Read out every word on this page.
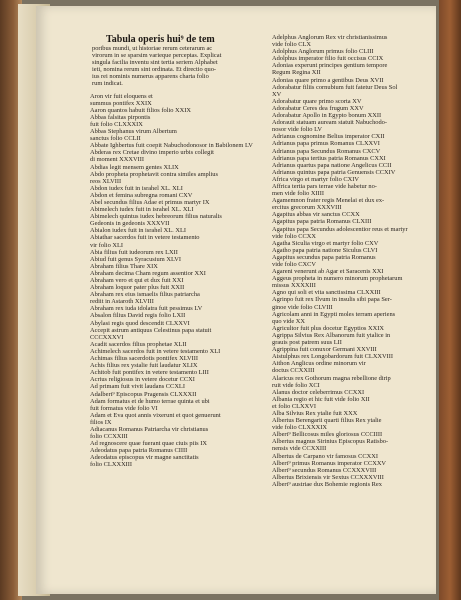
Tabula operis hui⁹ de tem
poribus mundi, ut historiae rerum ceterarum ac
virorum in se sparsim varieque perceptas. Explicat
singula facilia inventu sint tertia seriem Alphabet
ieti, nomina rerum sint ordinata. Et directio quo-
ius rei nominis numerus apparens charta folio
rum indicat.
Aron vir fuit eloquens et
summus pontifex XXIX
Aaron quantos habuit filios folio XXIX
Abbas falsitas pirpontis
fuit folio CLXXXIX
Abbas Stephanus virum Albertum
sanctus folio CCLII
Abbate Ighbertus fuit coepit Nabuchodonosor in Babilonem LV
Abderas rex Cretae divino imperio urbis collegit
di moment XXXVIII
Abdias legit mensem gentes XLIX
Abdo propheta prophetavit contra similes amplius
reos XLVIII
Abdon iudex fuit in israhel XL. XLI
Abdon et femina subregna romani CXV
Abel secundus filius Adae et primus martyr IX
Abimelech iudex fuit in israhel XL. XLI
Abimelech quintus iudex hebreorum filius naturalis
Gedeonis in gedeonis XXXVII
Abialon iudex fuit in israhel XL. XLI
Abiathar sacerdos fuit in vetere testamento
vir folio XLI
Abia filius fuit iudeorum rex LXII
Abiud fuit genus Syracusium XLVI
Abraham filius Thare XIX
Abraham decima Cham regum assentior XXI
Abraham vero et qui et dux fuit XXI
Abraham loquor pater plus fuit XXII
Abraham rex eius ismaelis filius patriarcha
rediit in Astaroth XLVIII
Abraham rex iuda idolatra fuit pessimus LV
Absalon filius David regis folio LXII
Abylasi regis quod descendit CLXXVI
Accepit astrum antiquus Celestinus papa statuit
CCCXXXVI
Acadit sacerdos filius prophetae XLII
Achimelech sacerdos fuit in vetere testamento XLI
Achimas filius sacerdotis pontifex XLVIII
Achis filius rex ystalie fuit laudatur XLIX
Achitob fuit pontifex in vetere testamento LIII
Acrius religiosus in vetere docetur CCXI
Ad primam fuit vivit laudans CCXLI
Adalbert⁹ Episcopus Pragensis CLXXXII
Adam formatus et de humo terrae quinta et ubi
fuit formatus vide folio VI
Adam et Eva quot annis vixerunt et quot genuerunt
filios IX
Adiacanus Romanus Patriarcha vir christianus
folio CCXXIII
Ad regnoscere quae fuerant quae ciuis piis IX
Adeodatus papa patria Romanus CIIII
Adeodatus episcopus vir magne sanctitatis
folio CLXXXIII
Adelphus Anglorum Rex vir christianissimus
vide folio CLX
Adolphus Anglorum primus folio CLIII
Adolphus imperator filio fuit occisus CCIX
Adonias experunt principes gentium tempore
Regum Regina XII
Adonias quare primo a gentibus Deus XVII
Adorabatur filiis cornubium fuit fatetur Deus Sol
XV
Adorabatur quare primo scorta XV
Adorabatur Ceres dea frugum XXV
Adorabatur Apollo in Egypto bonum XXII
Adorauit statuam auream statuit Nabuchodo-
nosor vide folio LV
Adrianus cognomine Belius imperator CXII
Adrianus papa primus Romanus CLXXVI
Adrianus papa Secundus Romanus CXCV
Adrianus papa tertius patria Romanus CXXI
Adrianus quartus papa natione Angelicus CCII
Adrianus quintus papa patria Genuensis CCXIV
Africa virgo et martyr folio CXIV
Affrica tertia pars terrae vide habetur no-
men vide folio XIIII
Agamemnon frater regis Menelai et dux ex-
ercitus grecorum XXXVIII
Agapitus abbas vir sanctus CCXX
Agapitus papa patria Romanus CLXIII
Agapitus papa Secundus adolescentior reus et martyr
vide folio CCXX
Agatha Siculia virgo et martyr folio CXV
Agatho papa patria natione Siculus CLVI
Agapitus secundus papa patria Romanus
vide folio CXCV
Agareni venerunt ab Agar et Saracenis XXI
Aggeus propheta in numero minorum prophetarum
missus XXXXIII
Agno qui soli et vita sanctissima CLXXIII
Agrinpo fuit rex Ilvum in insulis sibi papa Ser-
ginoe vide folio CLVIII
Agricolam anni in Egypti moles terram aperiens
quo vide XX
Agricultor fuit plus docetur Egyptios XXIX
Agrippa Silvius Rex Albanorum fuit ytalice in
grauis post patrem suus LII
Agrippina fuit conuxor Germani XXVIII
Aistulphus rex Longobardorum fuit CLXXVIII
Aithon Anglicus ordine minorum vir
doctus CCXXIII
Alaricus rex Gothorum magna rebellione dirip
ruit vide folio XCI
Alanus doctor celeberrimus CCXXI
Albania regio et hic fuit vide folio XII
et folio CLXXVI
Alba Silvius Rex ytalie fuit XXX
Albertus Berengarii quarti filius Rex ytalie
vide folio CLXXXIX
Albert⁹ Bellicosus miles gloriosus CCCIIII
Albertus magnus Sirinius Episcopus Ratisbo-
nensis vide CCXXIII
Albertus de Carpano vir famosus CCXXI
Albert⁹ primus Romanus imperator CCXXV
Albert⁹ secundus Romanus CCXXXVIII
Albertus Brixiensis vir Sextus CCXXXVIII
Albert⁹ austriae dux Bohemie regionis Rex
